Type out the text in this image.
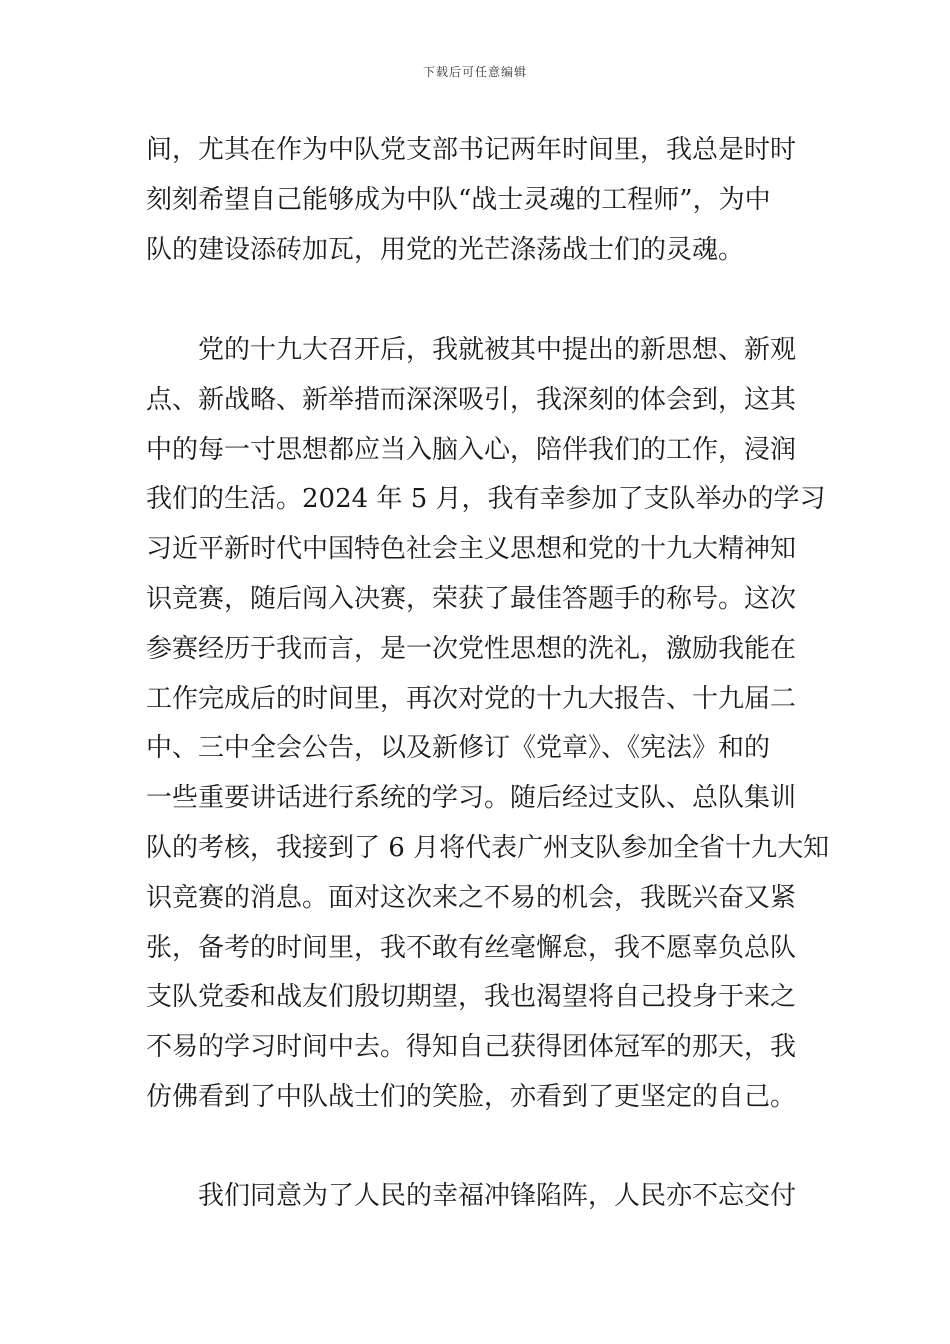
下载后可任意编辑
间，尤其在作为中队党支部书记两年时间里，我总是时时
刻刻希望自己能够成为中队“战士灵魂的工程师”，为中
队的建设添砖加瓦，用党的光芒涤荡战士们的灵魂。
党的十九大召开后，我就被其中提出的新思想、新观
点、新战略、新举措而深深吸引，我深刻的体会到，这其
中的每一寸思想都应当入脑入心，陪伴我们的工作，浸润
我们的生活。2024 年 5 月，我有幸参加了支队举办的学习
习近平新时代中国特色社会主义思想和党的十九大精神知
识竞赛，随后闯入决赛，荣获了最佳答题手的称号。这次
参赛经历于我而言，是一次党性思想的洗礼，激励我能在
工作完成后的时间里，再次对党的十九大报告、十九届二
中、三中全会公告，以及新修订《党章》、《宪法》和的
一些重要讲话进行系统的学习。随后经过支队、总队集训
队的考核，我接到了 6 月将代表广州支队参加全省十九大知
识竞赛的消息。面对这次来之不易的机会，我既兴奋又紧
张，备考的时间里，我不敢有丝毫懈怠，我不愿辜负总队
支队党委和战友们殷切期望，我也渴望将自己投身于来之
不易的学习时间中去。得知自己获得团体冠军的那天，我
仿佛看到了中队战士们的笑脸，亦看到了更坚定的自己。
我们同意为了人民的幸福冲锋陷阵，人民亦不忘交付
